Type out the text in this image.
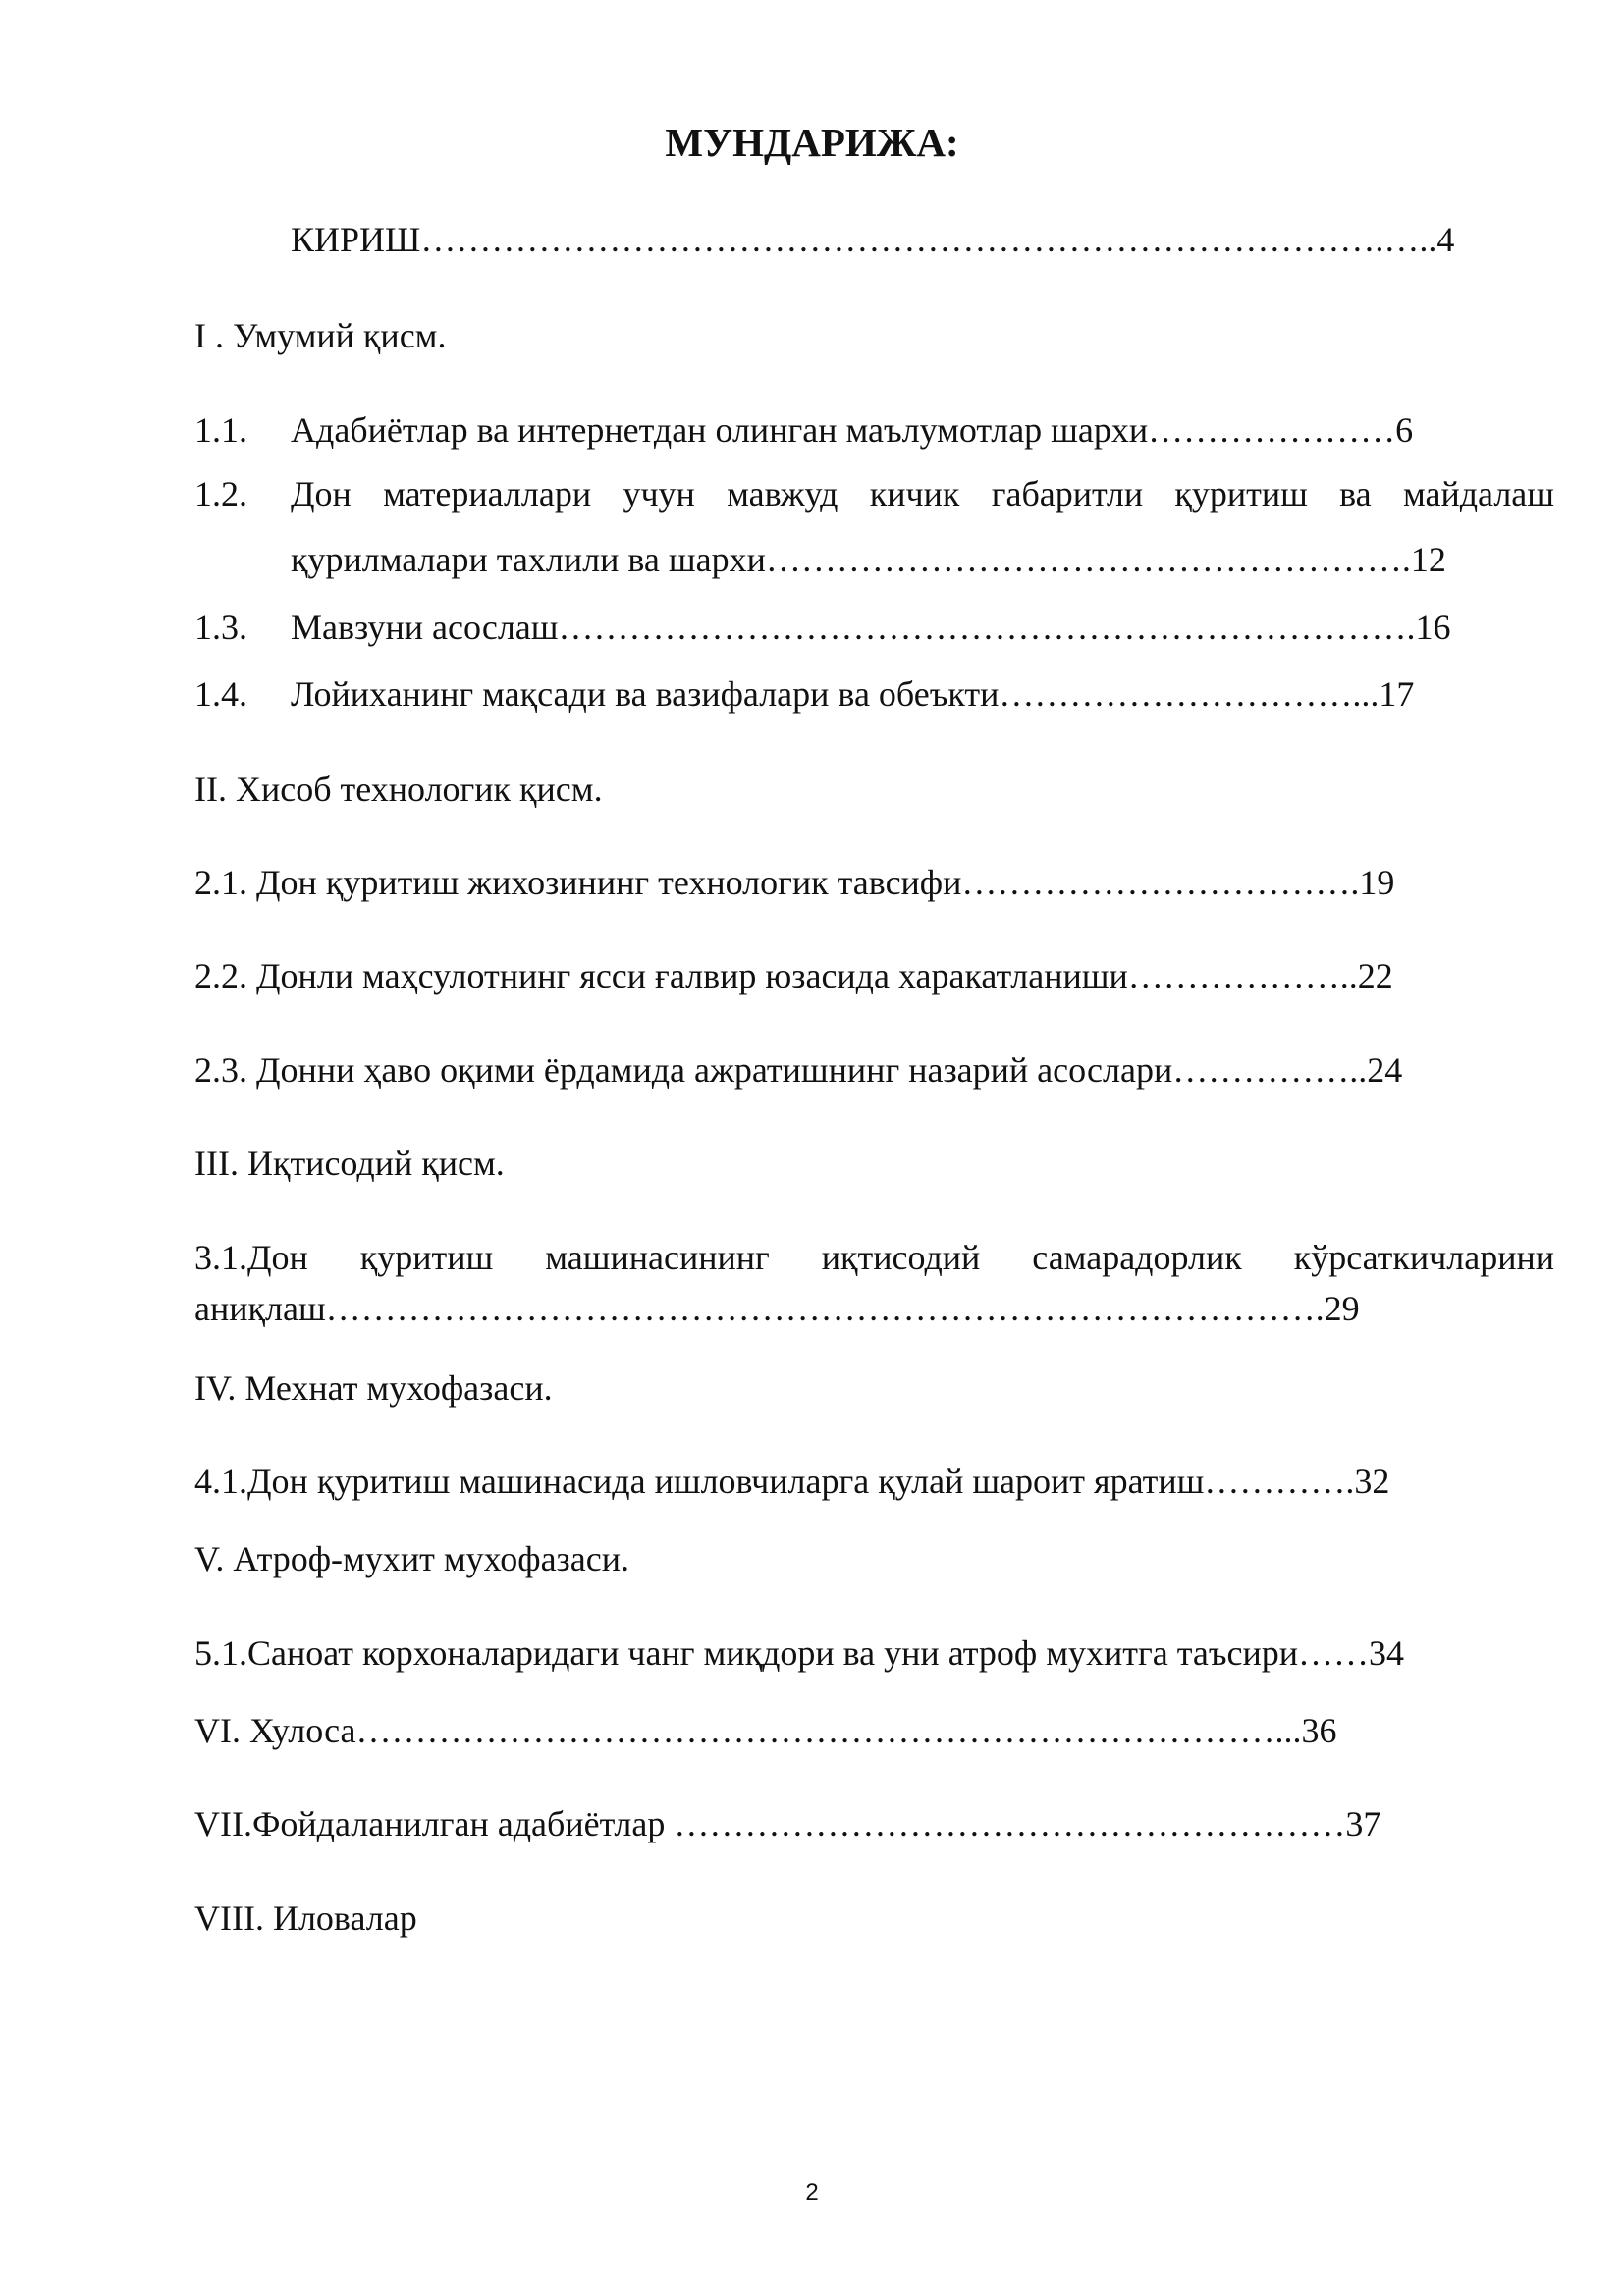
МУНДАРИЖА:
КИРИШ……………………………………………………………………….…..4
I . Умумий қисм.
1.1. Адабиётлар ва интернетдан олинган маълумотлар шархи…………………6
1.2. Дон материаллари учун мавжуд кичик габаритли қуритиш ва майдалаш
қурилмалари тахлили ва шархи……………………………………………….12
1.3. Мавзуни асослаш……………………………………………………………….16
1.4. Лойиханинг мақсади ва вазифалари ва обеъкти…………………………...17
II. Хисоб технологик қисм.
2.1. Дон қуритиш жихозининг технологик тавсифи…………………………….19
2.2. Донли маҳсулотнинг ясси ғалвир юзасида харакатланиши………………..22
2.3. Донни ҳаво оқими ёрдамида ажратишнинг назарий асослари……………..24
III. Иқтисодий қисм.
3.1.Дон қуритиш машинасининг иқтисодий самарадорлик кўрсаткичларини
аниқлаш………………………………………………………………………….29
IV. Мехнат мухофазаси.
4.1.Дон қуритиш машинасида ишловчиларга қулай шароит яратиш………….32
V. Атроф-мухит мухофазаси.
5.1.Саноат корхоналаридаги чанг миқдори ва уни атроф мухитга таъсири……34
VI. Хулоса……………………………………………………………………...36
VII.Фойдаланилган адабиётлар …………………………………………………37
VIII. Иловалар
2
